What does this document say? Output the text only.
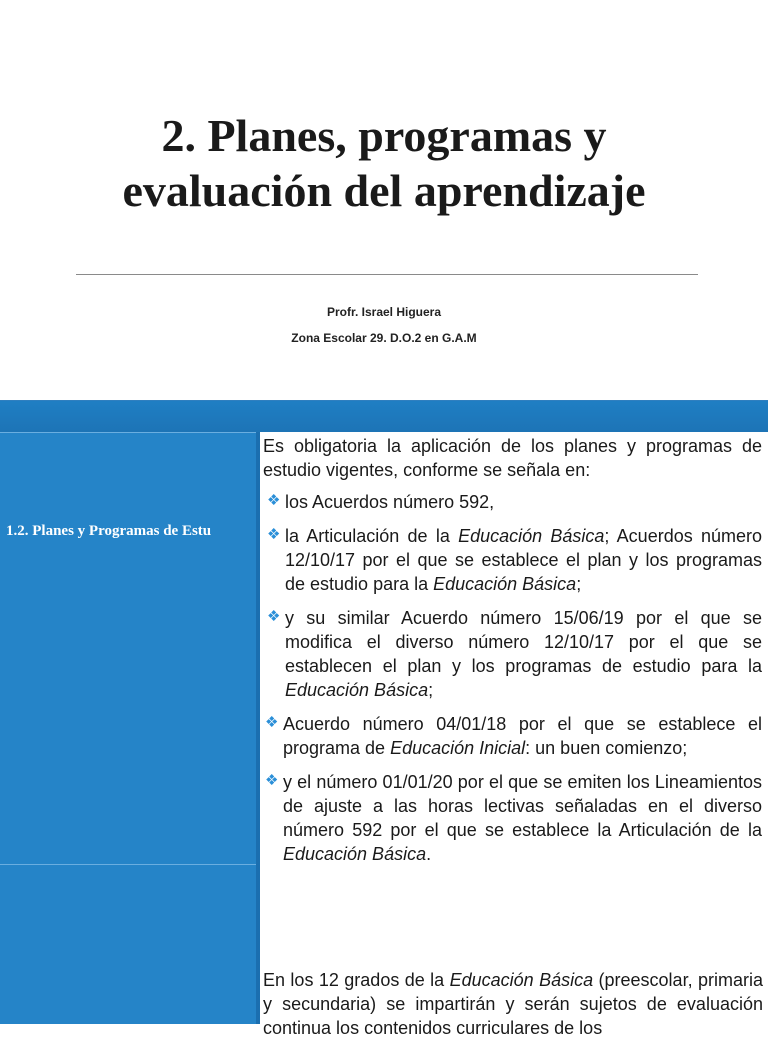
2. Planes, programas y evaluación del aprendizaje
Profr. Israel Higuera
Zona Escolar 29. D.O.2 en G.A.M
1.2. Planes y Programas de Estu

Es obligatoria la aplicación de los planes y programas de estudio vigentes, conforme se señala en:

❖ los Acuerdos número 592,

❖ la Articulación de la Educación Básica; Acuerdos número 12/10/17 por el que se establece el plan y los programas de estudio para la Educación Básica;

❖ y su similar Acuerdo número 15/06/19 por el que se modifica el diverso número 12/10/17 por el que se establecen el plan y los programas de estudio para la Educación Básica;

❖ Acuerdo número 04/01/18 por el que se establece el programa de Educación Inicial: un buen comienzo;

❖ y el número 01/01/20 por el que se emiten los Lineamientos de ajuste a las horas lectivas señaladas en el diverso número 592 por el que se establece la Articulación de la Educación Básica.

En los 12 grados de la Educación Básica (preescolar, primaria y secundaria) se impartirán y serán sujetos de evaluación continua los contenidos curriculares de los
